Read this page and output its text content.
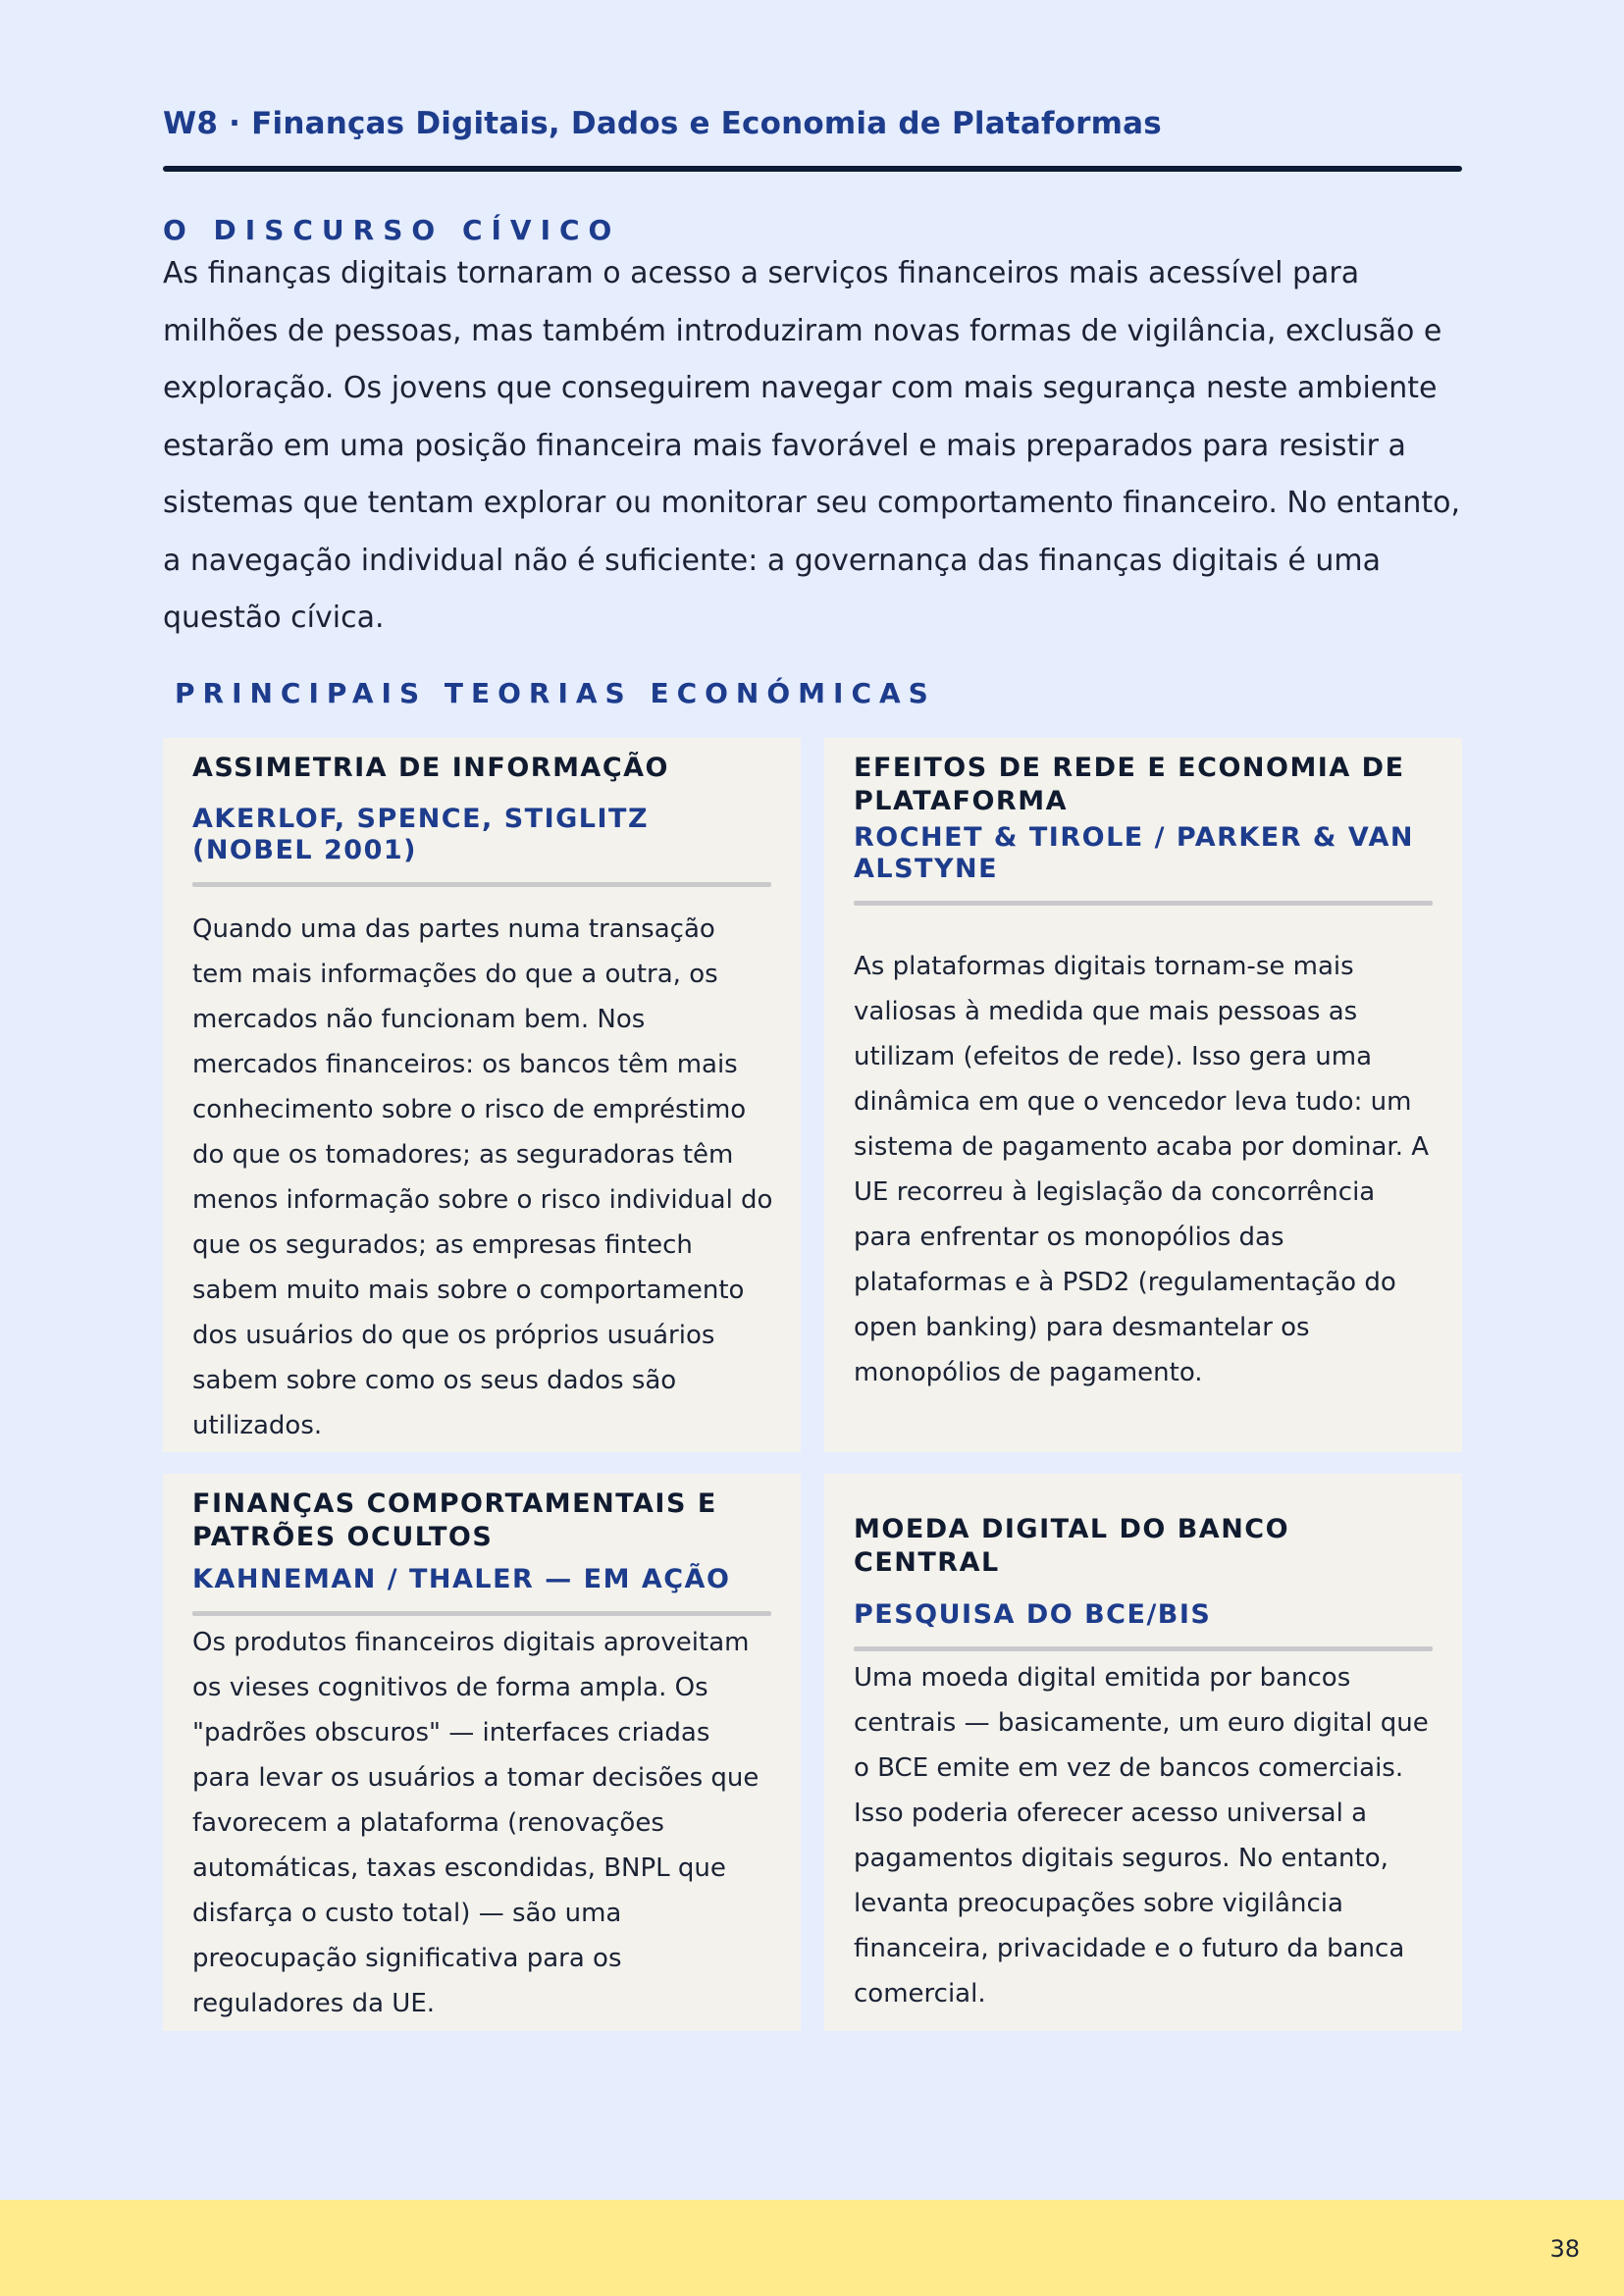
W8 · Finanças Digitais, Dados e Economia de Plataformas
O DISCURSO CÍVICO

As finanças digitais tornaram o acesso a serviços financeiros mais acessível para milhões de pessoas, mas também introduziram novas formas de vigilância, exclusão e exploração. Os jovens que conseguirem navegar com mais segurança neste ambiente estarão em uma posição financeira mais favorável e mais preparados para resistir a sistemas que tentam explorar ou monitorar seu comportamento financeiro. No entanto, a navegação individual não é suficiente: a governança das finanças digitais é uma questão cívica.

PRINCIPAIS TEORIAS ECONÓMICAS
ASSIMETRIA DE INFORMAÇÃO
AKERLOF, SPENCE, STIGLITZ (NOBEL 2001)

Quando uma das partes numa transação tem mais informações do que a outra, os mercados não funcionam bem. Nos mercados financeiros: os bancos têm mais conhecimento sobre o risco de empréstimo do que os tomadores; as seguradoras têm menos informação sobre o risco individual do que os segurados; as empresas fintech sabem muito mais sobre o comportamento dos usuários do que os próprios usuários sabem sobre como os seus dados são utilizados.

EFEITOS DE REDE E ECONOMIA DE PLATAFORMA
ROCHET & TIROLE / PARKER & VAN ALSTYNE

As plataformas digitais tornam-se mais valiosas à medida que mais pessoas as utilizam (efeitos de rede). Isso gera uma dinâmica em que o vencedor leva tudo: um sistema de pagamento acaba por dominar. A UE recorreu à legislação da concorrência para enfrentar os monopólios das plataformas e à PSD2 (regulamentação do open banking) para desmantelar os monopólios de pagamento.

FINANÇAS COMPORTAMENTAIS E PATRÕES OCULTOS
KAHNEMAN / THALER — EM AÇÃO

Os produtos financeiros digitais aproveitam os vieses cognitivos de forma ampla. Os "padrões obscuros" — interfaces criadas para levar os usuários a tomar decisões que favorecem a plataforma (renovações automáticas, taxas escondidas, BNPL que disfarça o custo total) — são uma preocupação significativa para os reguladores da UE.

MOEDA DIGITAL DO BANCO CENTRAL
PESQUISA DO BCE/BIS

Uma moeda digital emitida por bancos centrais — basicamente, um euro digital que o BCE emite em vez de bancos comerciais. Isso poderia oferecer acesso universal a pagamentos digitais seguros. No entanto, levanta preocupações sobre vigilância financeira, privacidade e o futuro da banca comercial.

38
